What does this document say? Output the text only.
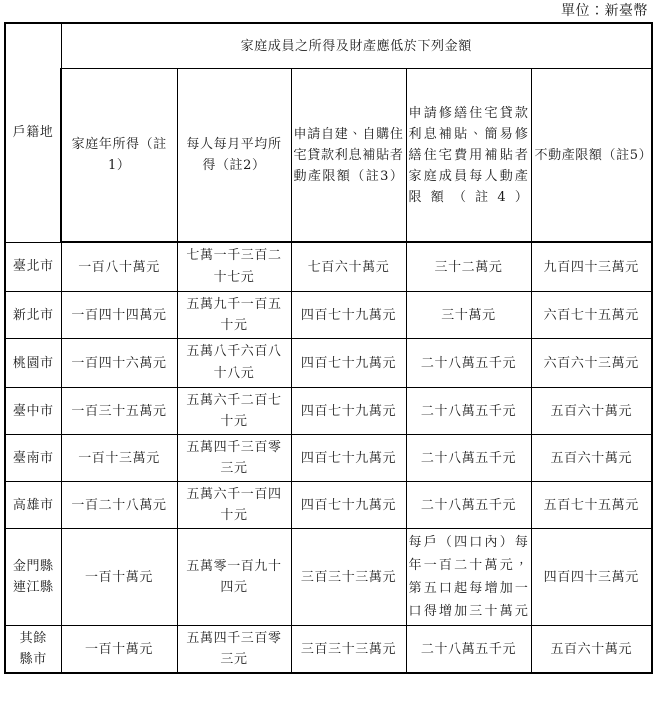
單位：新臺幣
戶籍地	家庭成員之所得及財產應低於下列金額				
	家庭年所得（註1）	每人每月平均所得（註2）	申請自建、自購住宅貸款利息補貼者動產限額（註3）	申請修繕住宅貸款利息補貼、簡易修繕住宅費用補貼者家庭成員每人動產限額（註4）	不動產限額（註5）
臺北市	一百八十萬元	七萬一千三百二十七元	七百六十萬元	三十二萬元	九百四十三萬元
新北市	一百四十四萬元	五萬九千一百五十元	四百七十九萬元	三十萬元	六百七十五萬元
桃園市	一百四十六萬元	五萬八千六百八十八元	四百七十九萬元	二十八萬五千元	六百六十三萬元
臺中市	一百三十五萬元	五萬六千二百七十元	四百七十九萬元	二十八萬五千元	五百六十萬元
臺南市	一百十三萬元	五萬四千三百零三元	四百七十九萬元	二十八萬五千元	五百六十萬元
高雄市	一百二十八萬元	五萬六千一百四十元	四百七十九萬元	二十八萬五千元	五百七十五萬元
金門縣
連江縣	一百十萬元	五萬零一百九十四元	三百三十三萬元	每戶（四口內）每年一百二十萬元，第五口起每增加一口得增加三十萬元	四百四十三萬元
其餘
縣市	一百十萬元	五萬四千三百零三元	三百三十三萬元	二十八萬五千元	五百六十萬元
